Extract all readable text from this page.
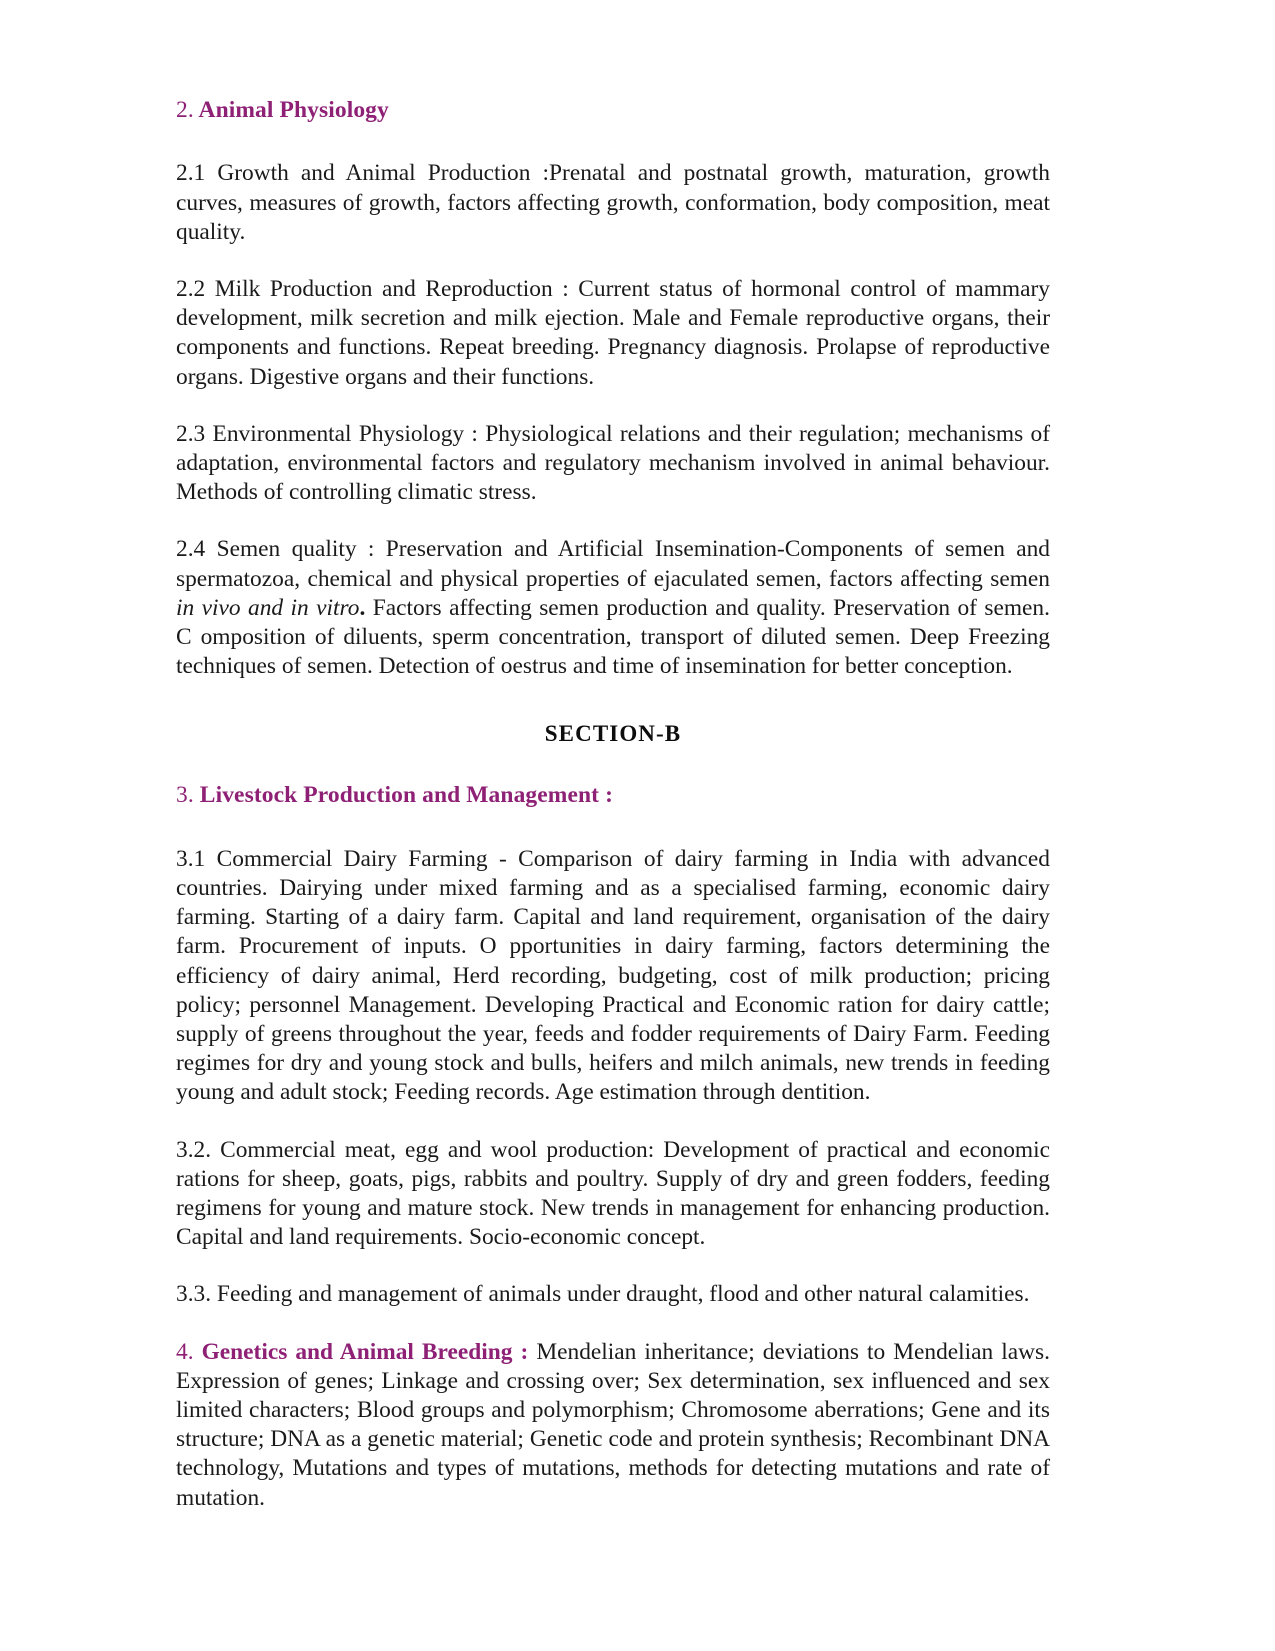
2. Animal Physiology

2.1 Growth and Animal Production :Prenatal and postnatal growth, maturation, growth curves, measures of growth, factors affecting growth, conformation, body composition, meat quality.

2.2 Milk Production and Reproduction : Current status of hormonal control of mammary development, milk secretion and milk ejection. Male and Female reproductive organs, their components and functions. Repeat breeding. Pregnancy diagnosis. Prolapse of reproductive organs. Digestive organs and their functions.

2.3 Environmental Physiology : Physiological relations and their regulation; mechanisms of adaptation, environmental factors and regulatory mechanism involved in animal behaviour. Methods of controlling climatic stress.

2.4 Semen quality : Preservation and Artificial Insemination-Components of semen and spermatozoa, chemical and physical properties of ejaculated semen, factors affecting semen in vivo and in vitro. Factors affecting semen production and quality. Preservation of semen. C omposition of diluents, sperm concentration, transport of diluted semen. Deep Freezing techniques of semen. Detection of oestrus and time of insemination for better conception.

SECTION-B
3. Livestock Production and Management :

3.1 Commercial Dairy Farming - Comparison of dairy farming in India with advanced countries. Dairying under mixed farming and as a specialised farming, economic dairy farming. Starting of a dairy farm. Capital and land requirement, organisation of the dairy farm. Procurement of inputs. O pportunities in dairy farming, factors determining the efficiency of dairy animal, Herd recording, budgeting, cost of milk production; pricing policy; personnel Management. Developing Practical and Economic ration for dairy cattle; supply of greens throughout the year, feeds and fodder requirements of Dairy Farm. Feeding regimes for dry and young stock and bulls, heifers and milch animals, new trends in feeding young and adult stock; Feeding records. Age estimation through dentition.

3.2. Commercial meat, egg and wool production: Development of practical and economic rations for sheep, goats, pigs, rabbits and poultry. Supply of dry and green fodders, feeding regimens for young and mature stock. New trends in management for enhancing production. Capital and land requirements. Socio-economic concept.

3.3. Feeding and management of animals under draught, flood and other natural calamities.

4. Genetics and Animal Breeding : Mendelian inheritance; deviations to Mendelian laws. Expression of genes; Linkage and crossing over; Sex determination, sex influenced and sex limited characters; Blood groups and polymorphism; Chromosome aberrations; Gene and its structure; DNA as a genetic material; Genetic code and protein synthesis; Recombinant DNA technology, Mutations and types of mutations, methods for detecting mutations and rate of mutation.
